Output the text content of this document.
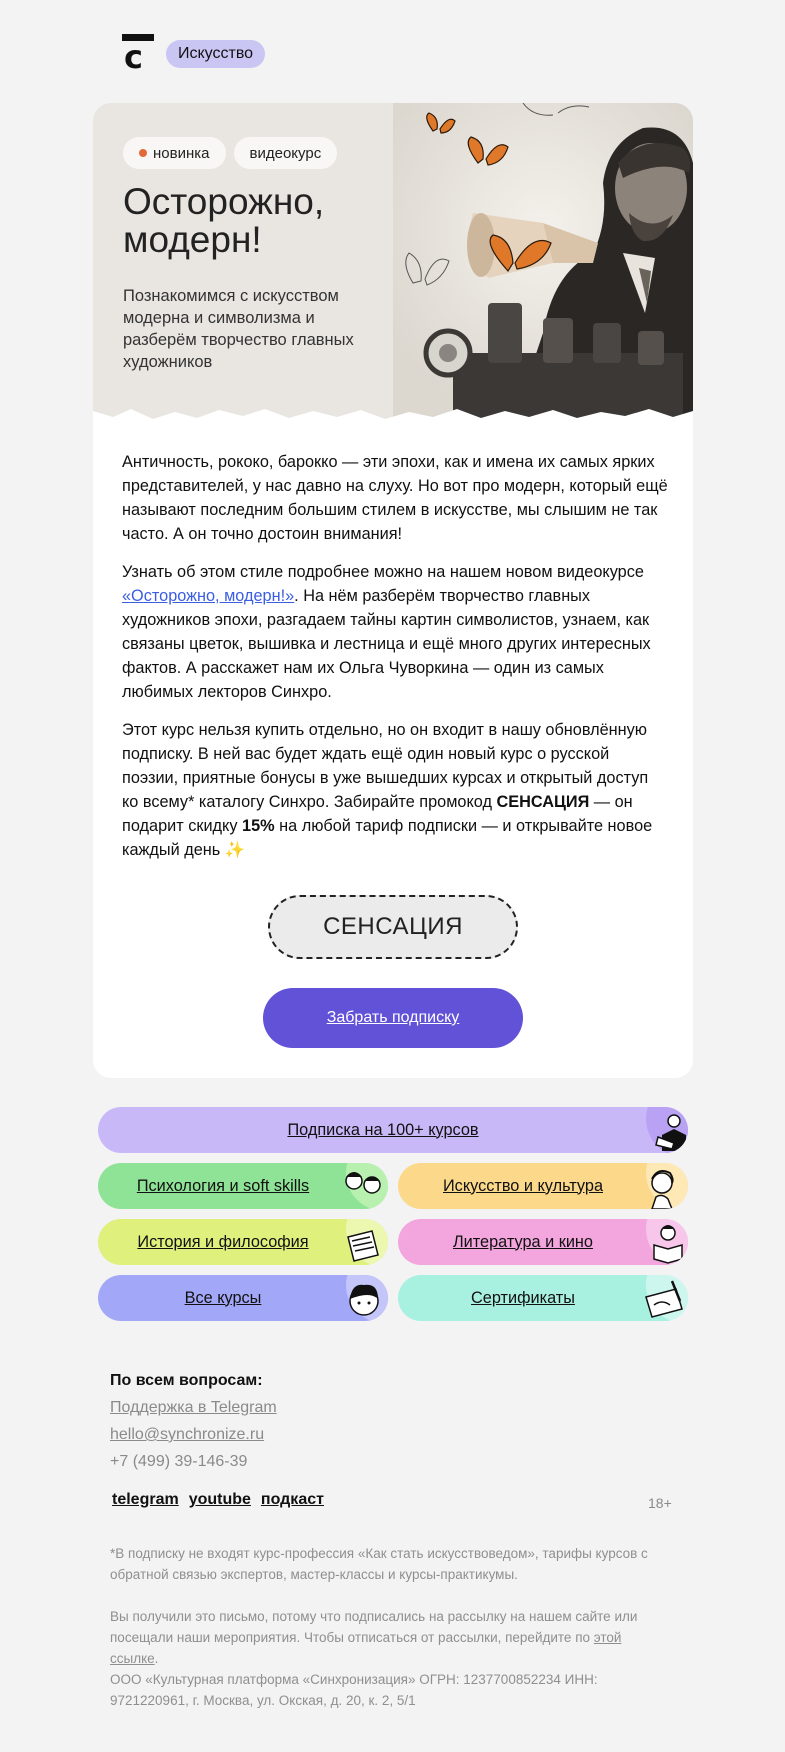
с	Искусство
новинка	видеокурс
Осторожно,
модерн!
Познакомимся с искусством модерна и символизма и разберём творчество главных художников

Античность, рококо, барокко — эти эпохи, как и имена их самых ярких представителей, у нас давно на слуху. Но вот про модерн, который ещё называют последним большим стилем в искусстве, мы слышим не так часто. А он точно достоин внимания!

Узнать об этом стиле подробнее можно на нашем новом видеокурсе «Осторожно, модерн!». На нём разберём творчество главных художников эпохи, разгадаем тайны картин символистов, узнаем, как связаны цветок, вышивка и лестница и ещё много других интересных фактов. А расскажет нам их Ольга Чуворкина — один из самых любимых лекторов Синхро.

Этот курс нельзя купить отдельно, но он входит в нашу обновлённую подписку. В ней вас будет ждать ещё один новый курс о русской поэзии, приятные бонусы в уже вышедших курсах и открытый доступ ко всему* каталогу Синхро. Забирайте промокод СЕНСАЦИЯ — он подарит скидку 15% на любой тариф подписки — и открывайте новое каждый день ✨

СЕНСАЦИЯ
Забрать подписку
Подписка на 100+ курсов
Психология и soft skills	Искусство и культура
История и философия	Литература и кино
Все курсы	Сертификаты
По всем вопросам:
Поддержка в Telegram
hello@synchronize.ru
+7 (499) 39-146-39
telegram youtube подкаст	18+
*В подписку не входят курс-профессия «Как стать искусствоведом», тарифы курсов с обратной связью экспертов, мастер-классы и курсы-практикумы.
Вы получили это письмо, потому что подписались на рассылку на нашем сайте или посещали наши мероприятия. Чтобы отписаться от рассылки, перейдите по этой ссылке.
ООО «Культурная платформа «Синхронизация» ОГРН: 1237700852234 ИНН: 9721220961, г. Москва, ул. Окская, д. 20, к. 2, 5/1
